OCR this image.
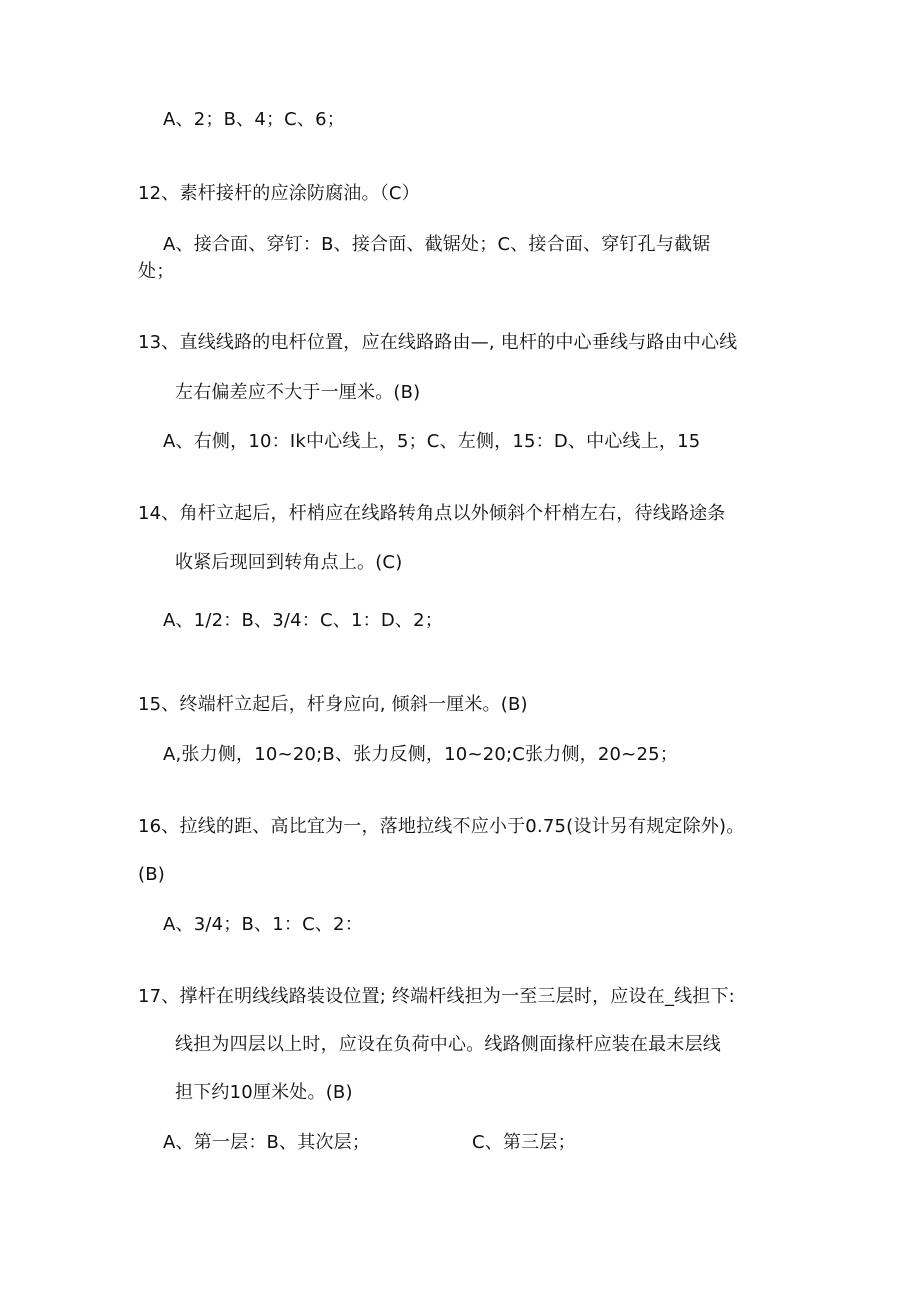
A、2；B、4；C、6；
12、素杆接杆的应涂防腐油。（C）
A、接合面、穿钉：B、接合面、截锯处；C、接合面、穿钉孔与截锯
处；
13、直线线路的电杆位置，应在线路路由—, 电杆的中心垂线与路由中心线
左右偏差应不大于一厘米。(B)
A、右侧，10：Ik中心线上，5；C、左侧，15：D、中心线上，15
14、角杆立起后，杆梢应在线路转角点以外倾斜个杆梢左右，待线路途条
收紧后现回到转角点上。(C)
A、1/2：B、3/4：C、1：D、2；
15、终端杆立起后，杆身应向, 倾斜一厘米。(B)
A,张力侧，10~20;B、张力反侧，10~20;C张力侧，20~25；
16、拉线的距、高比宜为一，落地拉线不应小于0.75(设计另有规定除外)。
(B)
A、3/4；B、1：C、2：
17、撑杆在明线线路装设位置; 终端杆线担为一至三层时，应设在_线担下:
线担为四层以上时，应设在负荷中心。线路侧面掾杆应装在最末层线
担下约10厘米处。(B)
A、第一层：B、其次层；	C、第三层；
